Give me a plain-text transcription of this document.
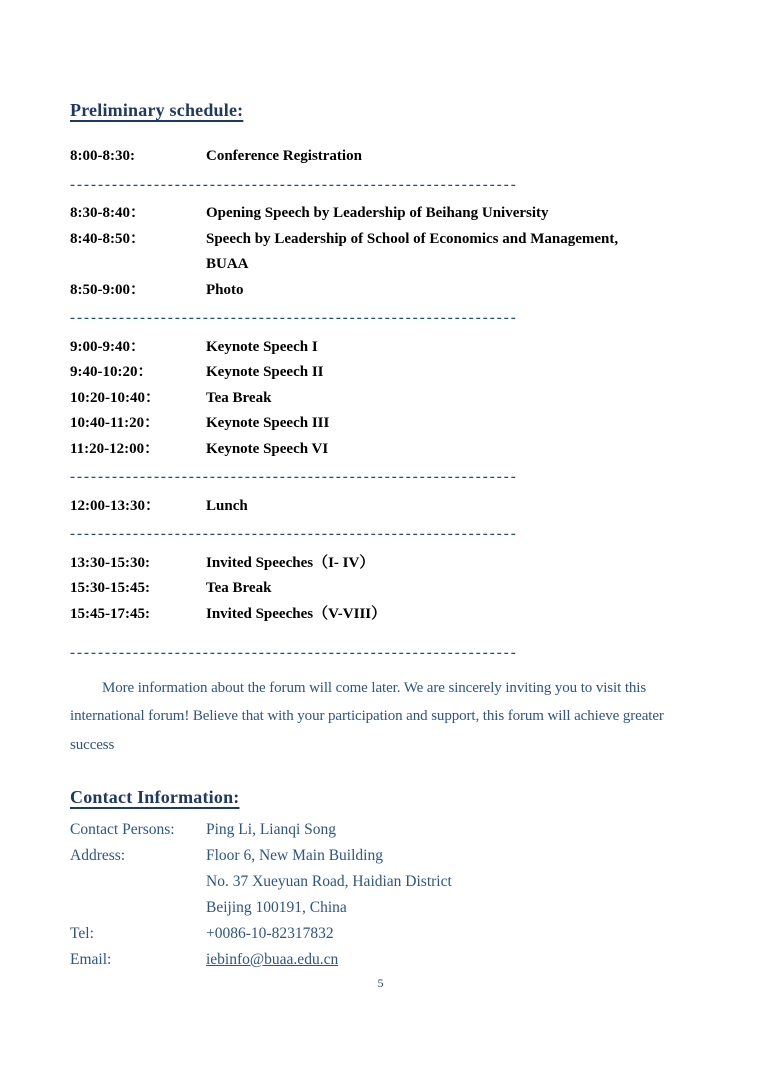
Preliminary schedule:
8:00-8:30:	Conference Registration
----------------------------------------------------------------
8:30-8:40：	Opening Speech by Leadership of Beihang University
8:40-8:50：	Speech by Leadership of School of Economics and Management, BUAA
8:50-9:00：	Photo
----------------------------------------------------------------
9:00-9:40：	Keynote Speech I
9:40-10:20：	Keynote Speech II
10:20-10:40：	Tea Break
10:40-11:20：	Keynote Speech III
11:20-12:00：	Keynote Speech VI
----------------------------------------------------------------
12:00-13:30：	Lunch
----------------------------------------------------------------
13:30-15:30:	Invited Speeches（I- IV）
15:30-15:45:	Tea Break
15:45-17:45:	Invited Speeches（V-VIII）
----------------------------------------------------------------

More information about the forum will come later. We are sincerely inviting you to visit this international forum! Believe that with your participation and support, this forum will achieve greater success

Contact Information:
Contact Persons:	Ping Li, Lianqi Song
Address:	Floor 6, New Main Building
No. 37 Xueyuan Road, Haidian District
Beijing 100191, China
Tel:	+0086-10-82317832
Email:	iebinfo@buaa.edu.cn
5
